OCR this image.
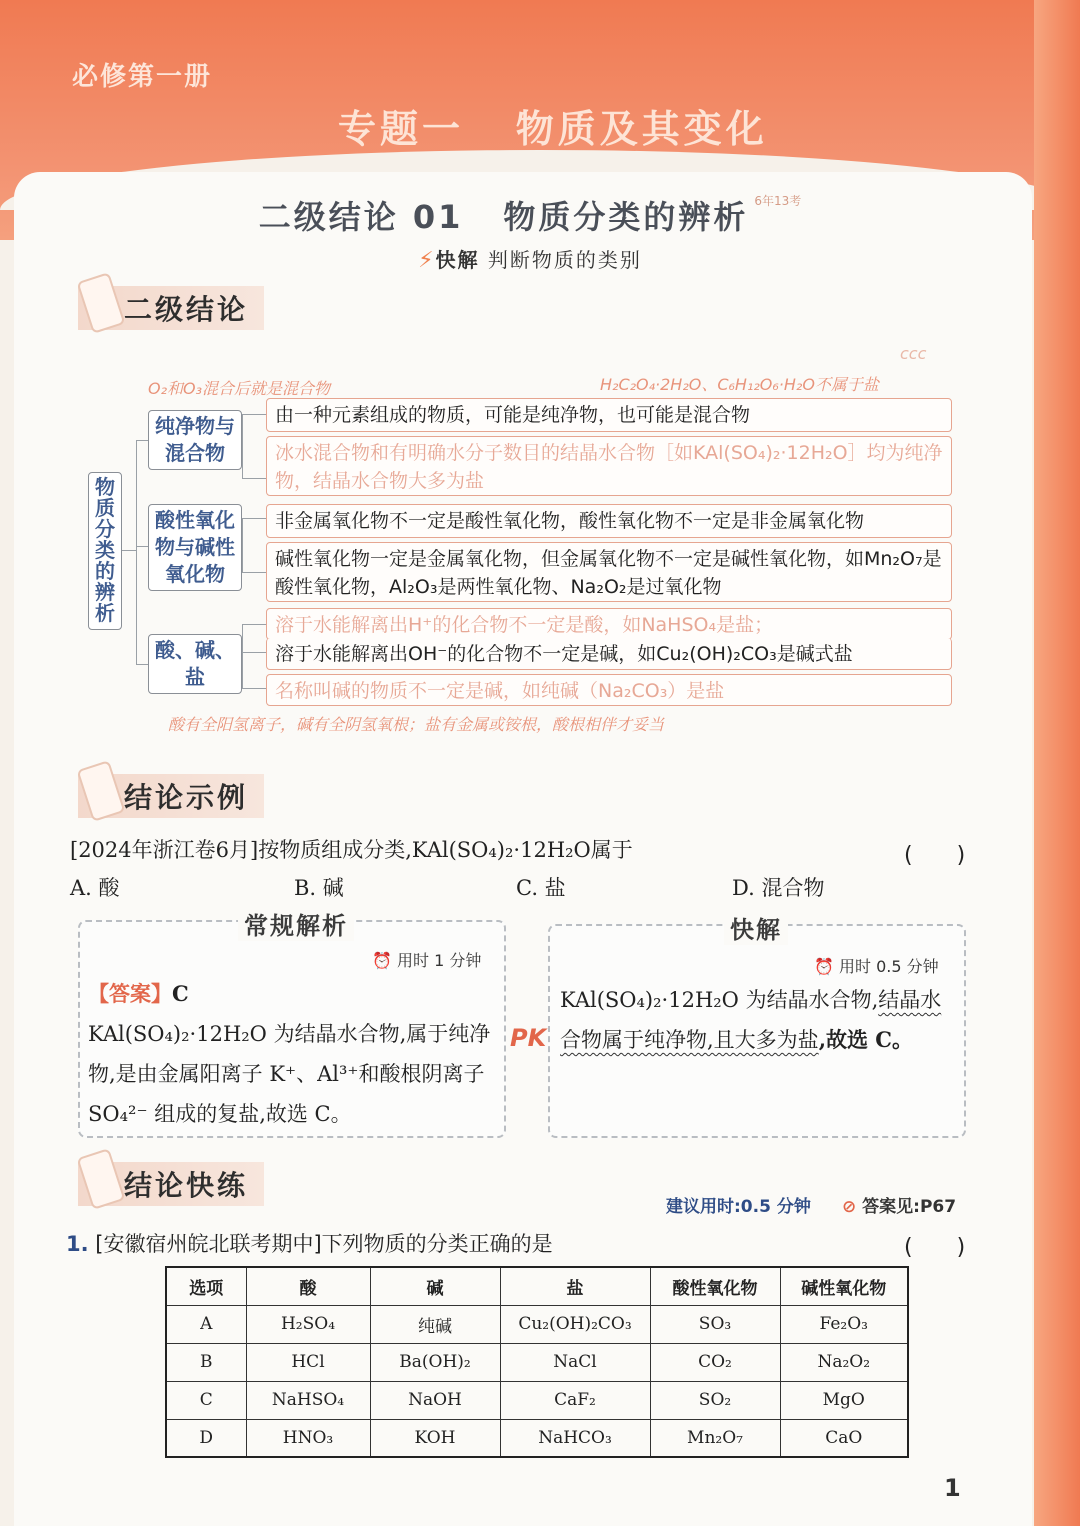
必修第一册
专题一   物质及其变化
二级结论 01 物质分类的辨析 $^{6年13考}$
⚡快解 判断物质的类别
二级结论
O₂和O₃混合后就是混合物	H₂C₂O₄·2H₂O、C₆H₁₂O₆·H₂O不属于盐
ᴄᴄᴄ
物质分类的辨析
纯净物与混合物
酸性氧化物与碱性氧化物
酸、碱、盐
由一种元素组成的物质，可能是纯净物，也可能是混合物
冰水混合物和有明确水分子数目的结晶水合物［如KAl(SO₄)₂·12H₂O］均为纯净物，结晶水合物大多为盐
非金属氧化物不一定是酸性氧化物，酸性氧化物不一定是非金属氧化物
碱性氧化物一定是金属氧化物，但金属氧化物不一定是碱性氧化物，如Mn₂O₇是酸性氧化物，Al₂O₃是两性氧化物、Na₂O₂是过氧化物
溶于水能解离出H⁺的化合物不一定是酸，如NaHSO₄是盐；
溶于水能解离出OH⁻的化合物不一定是碱，如Cu₂(OH)₂CO₃是碱式盐
名称叫碱的物质不一定是碱，如纯碱（Na₂CO₃）是盐
酸有全阳氢离子，碱有全阴氢氧根；盐有金属或铵根，酸根相伴才妥当
结论示例
[2024年浙江卷6月]按物质组成分类,KAl(SO₄)₂·12H₂O属于	(　　)
A. 酸	B. 碱	C. 盐	D. 混合物
常规解析
⏰ 用时 1 分钟
【答案】C
KAl(SO₄)₂·12H₂O 为结晶水合物,属于纯净物,是由金属阳离子 K⁺、Al³⁺和酸根阴离子 SO₄²⁻ 组成的复盐,故选 C。
PK
快解
⏰ 用时 0.5 分钟
KAl(SO₄)₂·12H₂O 为结晶水合物,结晶水合物属于纯净物,且大多为盐,故选 C。
结论快练
建议用时:0.5 分钟 ⊘ 答案见:P67
1. [安徽宿州皖北联考期中]下列物质的分类正确的是	(　　)
选项	酸	碱	盐	酸性氧化物	碱性氧化物
A	H₂SO₄	纯碱	Cu₂(OH)₂CO₃	SO₃	Fe₂O₃
B	HCl	Ba(OH)₂	NaCl	CO₂	Na₂O₂
C	NaHSO₄	NaOH	CaF₂	SO₂	MgO
D	HNO₃	KOH	NaHCO₃	Mn₂O₇	CaO
1
